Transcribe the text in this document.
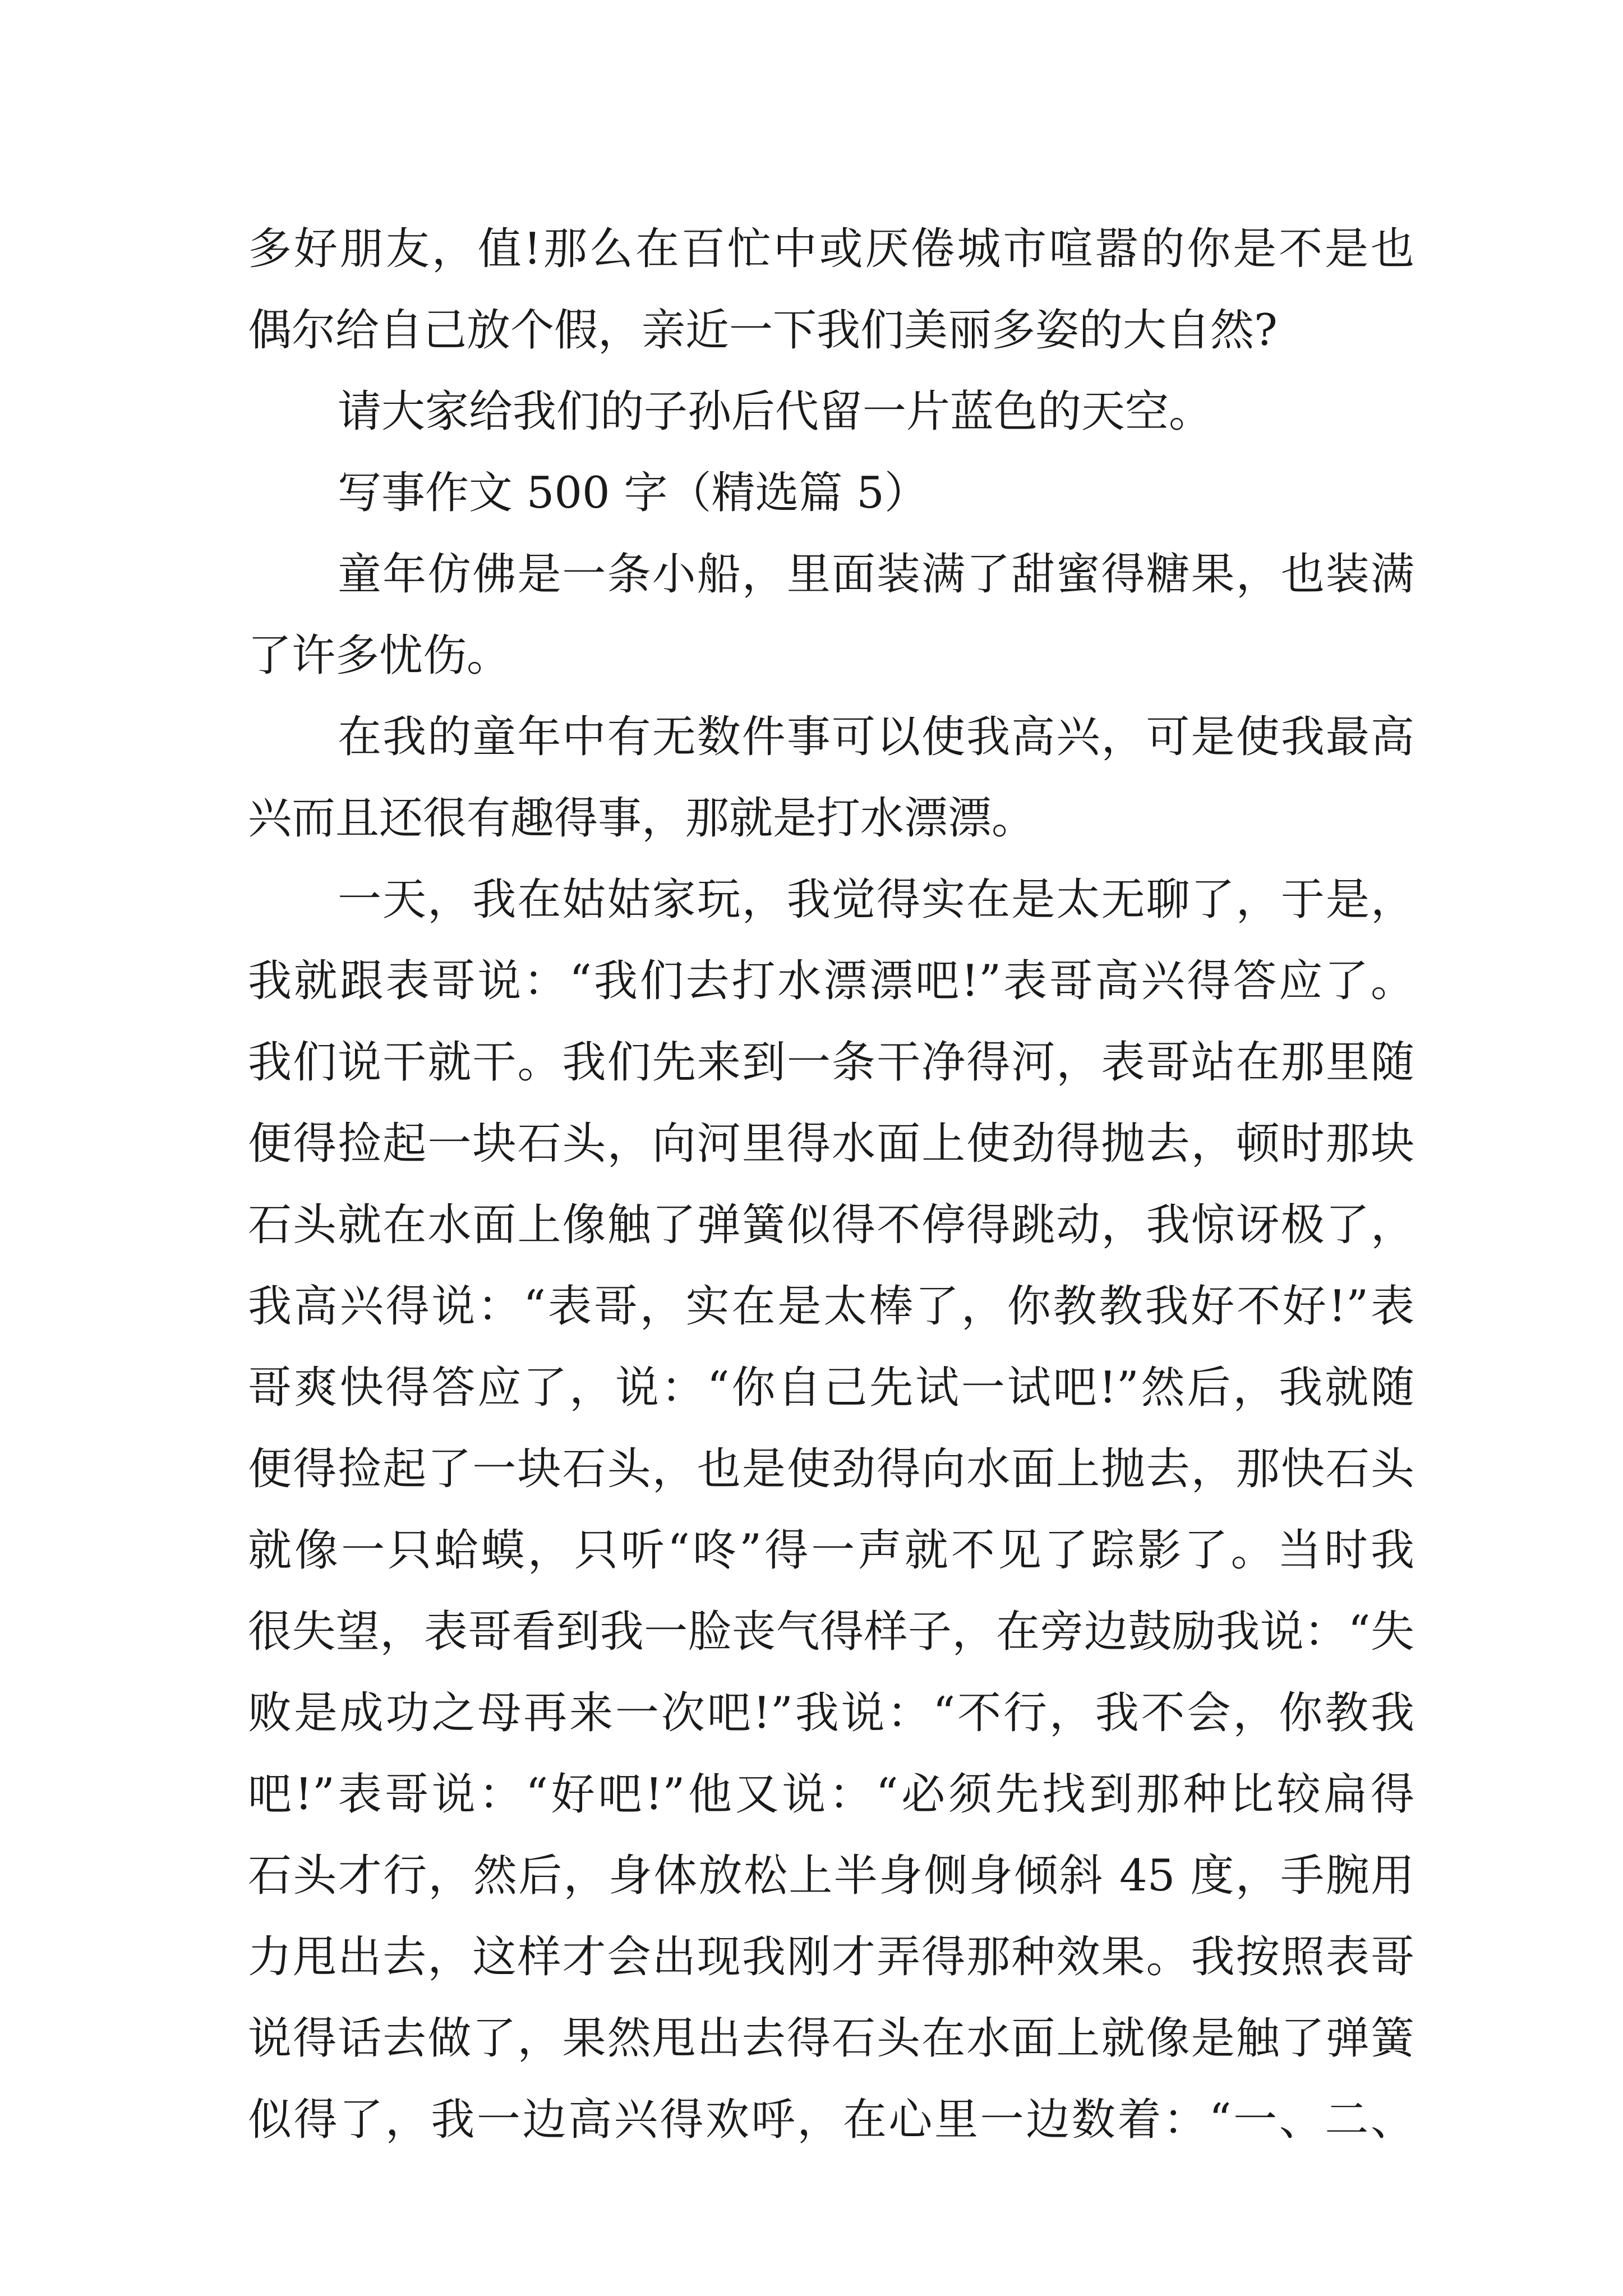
多好朋友，值!那么在百忙中或厌倦城市喧嚣的你是不是也
偶尔给自己放个假，亲近一下我们美丽多姿的大自然?
请大家给我们的子孙后代留一片蓝色的天空。
写事作文 500 字（精选篇 5）
童年仿佛是一条小船，里面装满了甜蜜得糖果，也装满
了许多忧伤。
在我的童年中有无数件事可以使我高兴，可是使我最高
兴而且还很有趣得事，那就是打水漂漂。
一天，我在姑姑家玩，我觉得实在是太无聊了，于是，
我就跟表哥说：“我们去打水漂漂吧!”表哥高兴得答应了。
我们说干就干。我们先来到一条干净得河，表哥站在那里随
便得捡起一块石头，向河里得水面上使劲得抛去，顿时那块
石头就在水面上像触了弹簧似得不停得跳动，我惊讶极了，
我高兴得说：“表哥，实在是太棒了，你教教我好不好!”表
哥爽快得答应了，说：“你自己先试一试吧!”然后，我就随
便得捡起了一块石头，也是使劲得向水面上抛去，那快石头
就像一只蛤蟆，只听“咚”得一声就不见了踪影了。当时我
很失望，表哥看到我一脸丧气得样子，在旁边鼓励我说：“失
败是成功之母再来一次吧!”我说：“不行，我不会，你教我
吧!”表哥说：“好吧!”他又说：“必须先找到那种比较扁得
石头才行，然后，身体放松上半身侧身倾斜 45 度，手腕用
力甩出去，这样才会出现我刚才弄得那种效果。我按照表哥
说得话去做了，果然甩出去得石头在水面上就像是触了弹簧
似得了，我一边高兴得欢呼，在心里一边数着：“一、二、
